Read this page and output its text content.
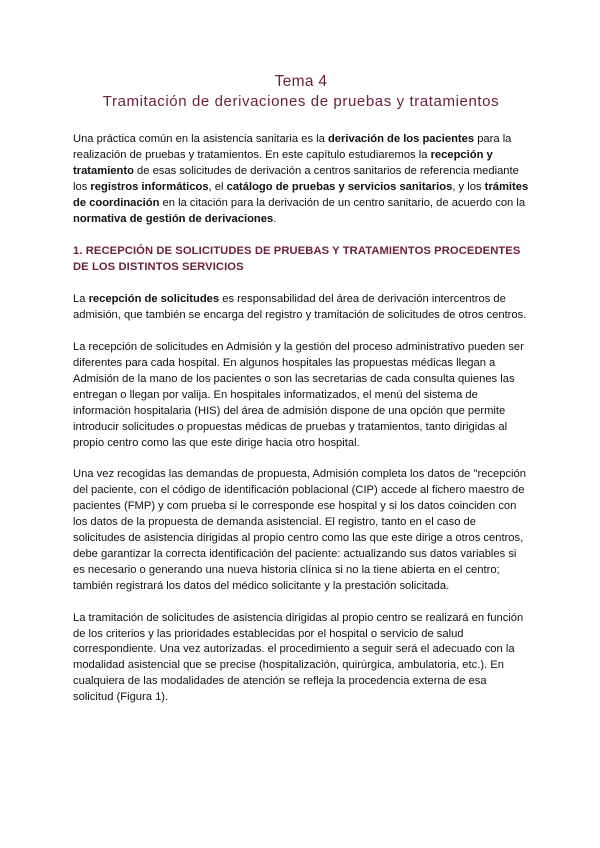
Tema 4
Tramitación de derivaciones de pruebas y tratamientos

Una práctica común en la asistencia sanitaria es la derivación de los pacientes para la realización de pruebas y tratamientos. En este capítulo estudiaremos la recepción y tratamiento de esas solicitudes de derivación a centros sanitarios de referencia mediante los registros informáticos, el catálogo de pruebas y servicios sanitarios, y los trámites de coordinación en la citación para la derivación de un centro sanitario, de acuerdo con la normativa de gestión de derivaciones.

1. RECEPCIÓN DE SOLICITUDES DE PRUEBAS Y TRATAMIENTOS PROCEDENTES DE LOS DISTINTOS SERVICIOS

La recepción de solicitudes es responsabilidad del área de derivación intercentros de admisión, que también se encarga del registro y tramitación de solicitudes de otros centros.

La recepción de solicitudes en Admisión y la gestión del proceso administrativo pueden ser diferentes para cada hospital. En algunos hospitales las propuestas médicas llegan a Admisión de la mano de los pacientes o son las secretarias de cada consulta quienes las entregan o llegan por valija. En hospitales informatizados, el menú del sistema de información hospitalaria (HIS) del área de admisión dispone de una opción que permite introducir solicitudes o propuestas médicas de pruebas y tratamientos, tanto dirigidas al propio centro como las que este dirige hacia otro hospital.

Una vez recogidas las demandas de propuesta, Admisión completa los datos de "recepción del paciente, con el código de identificación poblacional (CIP) accede al fichero maestro de pacientes (FMP) y com prueba si le corresponde ese hospital y si los datos coinciden con los datos de la propuesta de demanda asistencial. El registro, tanto en el caso de solicitudes de asistencia dirigidas al propio centro como las que este dirige a otros centros, debe garantizar la correcta identificación del paciente: actualizando sus datos variables si es necesario o generando una nueva historia clínica si no la tiene abierta en el centro; también registrará los datos del médico solicitante y la prestación solicitada.

La tramitación de solicitudes de asistencia dirigidas al propio centro se realizará en función de los criterios y las prioridades establecidas por el hospital o servicio de salud correspondiente. Una vez autorizadas. el procedimiento a seguir será el adecuado con la modalidad asistencial que se precise (hospitalización, quirúrgica, ambulatoria, etc.). En cualquiera de las modalidades de atención se refleja la procedencia externa de esa solicitud (Figura 1).
